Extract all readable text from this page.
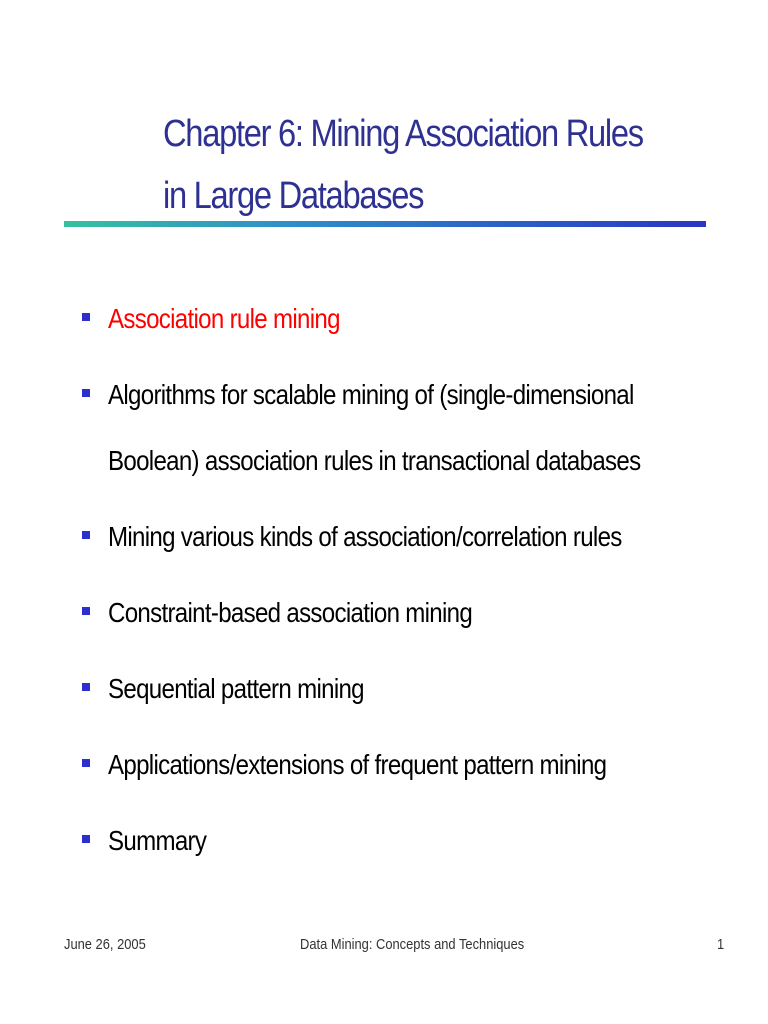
Chapter 6: Mining Association Rules
in Large Databases
Association rule mining
Algorithms for scalable mining of (single-dimensional Boolean) association rules in transactional databases
Mining various kinds of association/correlation rules
Constraint-based association mining
Sequential pattern mining
Applications/extensions of frequent pattern mining
Summary
June 26, 2005	Data Mining: Concepts and Techniques	1
